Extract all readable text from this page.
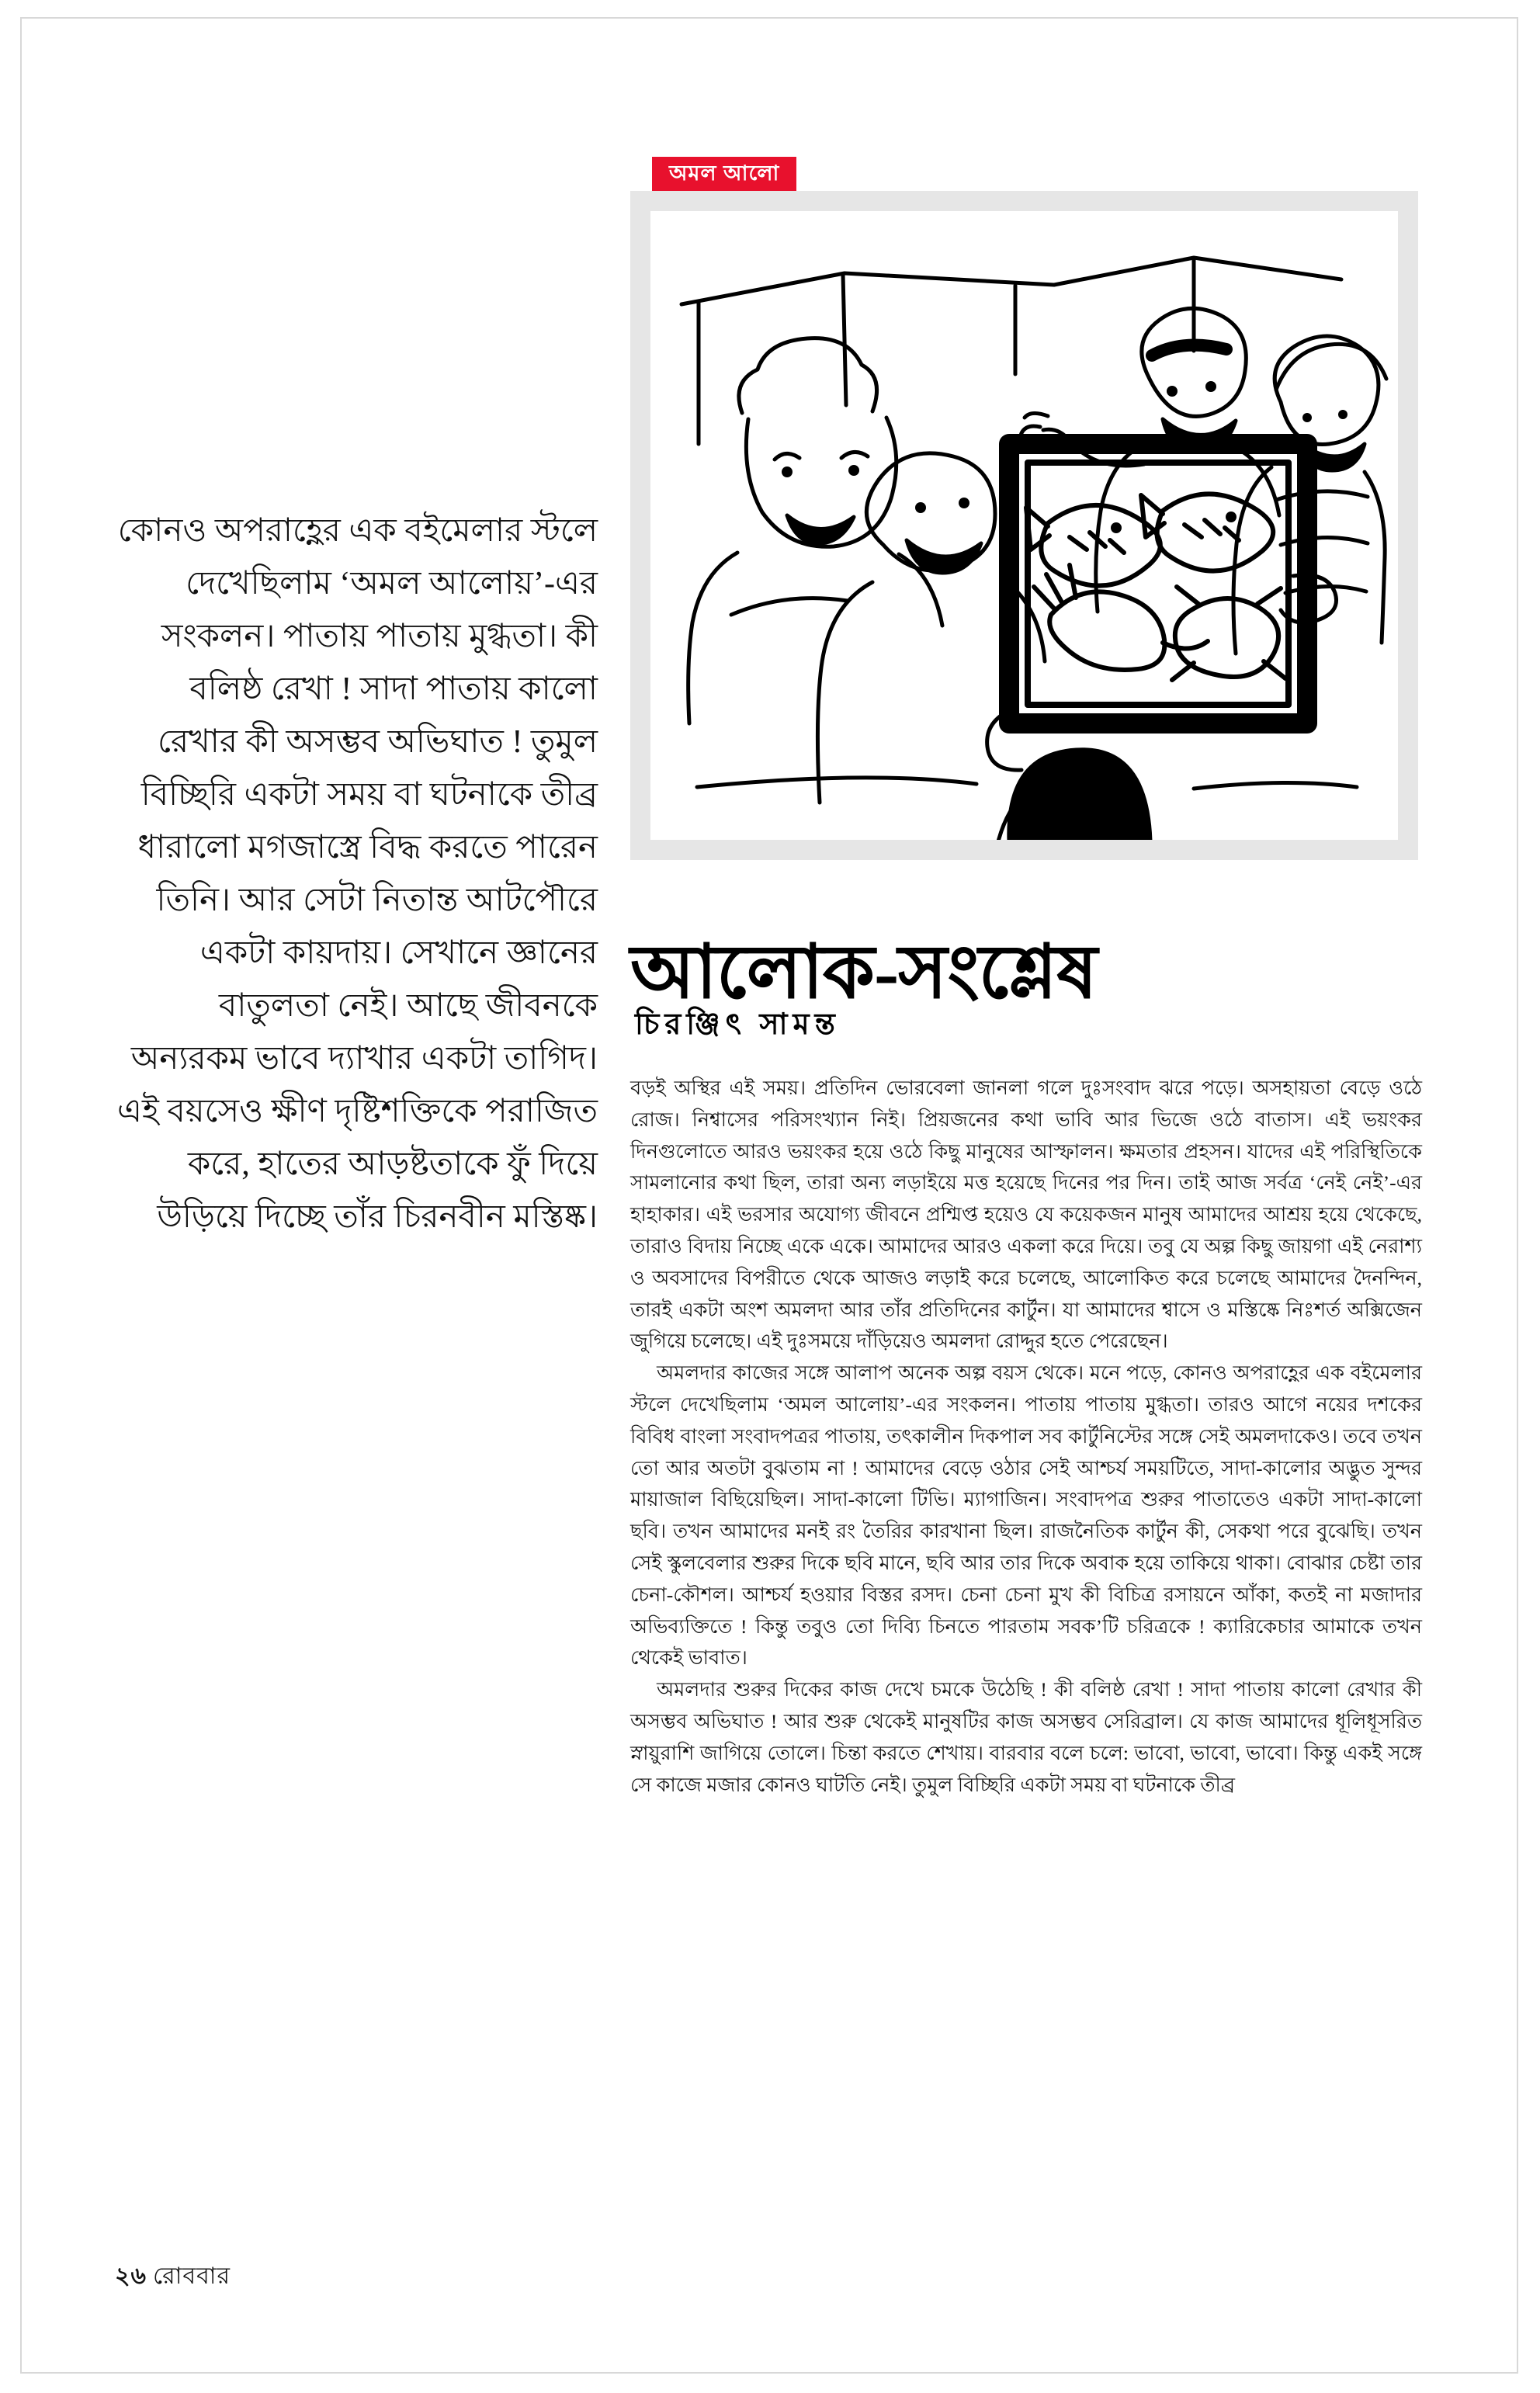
অমল আলো
আলোক-সংশ্লেষ
চিরঞ্জিৎ সামন্ত
কোনও অপরাহ্ণের এক বইমেলার স্টলে দেখেছিলাম ‘অমল আলোয়’-এর সংকলন। পাতায় পাতায় মুগ্ধতা। কী বলিষ্ঠ রেখা ! সাদা পাতায় কালো রেখার কী অসম্ভব অভিঘাত ! তুমুল বিচ্ছিরি একটা সময় বা ঘটনাকে তীব্র ধারালো মগজাস্ত্রে বিদ্ধ করতে পারেন তিনি। আর সেটা নিতান্ত আটপৌরে একটা কায়দায়। সেখানে জ্ঞানের বাতুলতা নেই। আছে জীবনকে অন্যরকম ভাবে দ্যাখার একটা তাগিদ। এই বয়সেও ক্ষীণ দৃষ্টিশক্তিকে পরাজিত করে, হাতের আড়ষ্টতাকে ফুঁ দিয়ে উড়িয়ে দিচ্ছে তাঁর চিরনবীন মস্তিষ্ক।

বড়ই অস্থির এই সময়। প্রতিদিন ভোরবেলা জানলা গলে দুঃসংবাদ ঝরে পড়ে। অসহায়তা বেড়ে ওঠে রোজ। নিশ্বাসের পরিসংখ্যান নিই। প্রিয়জনের কথা ভাবি আর ভিজে ওঠে বাতাস। এই ভয়ংকর দিনগুলোতে আরও ভয়ংকর হয়ে ওঠে কিছু মানুষের আস্ফালন। ক্ষমতার প্রহসন। যাদের এই পরিস্থিতিকে সামলানোর কথা ছিল, তারা অন্য লড়াইয়ে মত্ত হয়েছে দিনের পর দিন। তাই আজ সর্বত্র ‘নেই নেই’-এর হাহাকার। এই ভরসার অযোগ্য জীবনে প্রশ্মিপ্ত হয়েও যে কয়েকজন মানুষ আমাদের আশ্রয় হয়ে থেকেছে, তারাও বিদায় নিচ্ছে একে একে। আমাদের আরও একলা করে দিয়ে। তবু যে অল্প কিছু জায়গা এই নেরাশ্য ও অবসাদের বিপরীতে থেকে আজও লড়াই করে চলেছে, আলোকিত করে চলেছে আমাদের দৈনন্দিন, তারই একটা অংশ অমলদা আর তাঁর প্রতিদিনের কার্টুন। যা আমাদের শ্বাসে ও মস্তিষ্কে নিঃশর্ত অক্সিজেন জুগিয়ে চলেছে। এই দুঃসময়ে দাঁড়িয়েও অমলদা রোদ্দুর হতে পেরেছেন।

অমলদার কাজের সঙ্গে আলাপ অনেক অল্প বয়স থেকে। মনে পড়ে, কোনও অপরাহ্ণের এক বইমেলার স্টলে দেখেছিলাম ‘অমল আলোয়’-এর সংকলন। পাতায় পাতায় মুগ্ধতা। তারও আগে নয়ের দশকের বিবিধ বাংলা সংবাদপত্রর পাতায়, তৎকালীন দিকপাল সব কার্টুনিস্টের সঙ্গে সেই অমলদাকেও। তবে তখন তো আর অতটা বুঝতাম না ! আমাদের বেড়ে ওঠার সেই আশ্চর্য সময়টিতে, সাদা-কালোর অদ্ভুত সুন্দর মায়াজাল বিছিয়েছিল। সাদা-কালো টিভি। ম্যাগাজিন। সংবাদপত্র শুরুর পাতাতেও একটা সাদা-কালো ছবি। তখন আমাদের মনই রং তৈরির কারখানা ছিল। রাজনৈতিক কার্টুন কী, সেকথা পরে বুঝেছি। তখন সেই স্কুলবেলার শুরুর দিকে ছবি মানে, ছবি আর তার দিকে অবাক হয়ে তাকিয়ে থাকা। বোঝার চেষ্টা তার চেনা-কৌশল। আশ্চর্য হওয়ার বিস্তর রসদ। চেনা চেনা মুখ কী বিচিত্র রসায়নে আঁকা, কতই না মজাদার অভিব্যক্তিতে ! কিন্তু তবুও তো দিব্যি চিনতে পারতাম সবক’টি চরিত্রকে ! ক্যারিকেচার আমাকে তখন থেকেই ভাবাত।

অমলদার শুরুর দিকের কাজ দেখে চমকে উঠেছি ! কী বলিষ্ঠ রেখা ! সাদা পাতায় কালো রেখার কী অসম্ভব অভিঘাত ! আর শুরু থেকেই মানুষটির কাজ অসম্ভব সেরিব্রাল। যে কাজ আমাদের ধূলিধূসরিত স্নায়ুরাশি জাগিয়ে তোলে। চিন্তা করতে শেখায়। বারবার বলে চলে: ভাবো, ভাবো, ভাবো। কিন্তু একই সঙ্গে সে কাজে মজার কোনও ঘাটতি নেই। তুমুল বিচ্ছিরি একটা সময় বা ঘটনাকে তীব্র

২৬ রোববার
